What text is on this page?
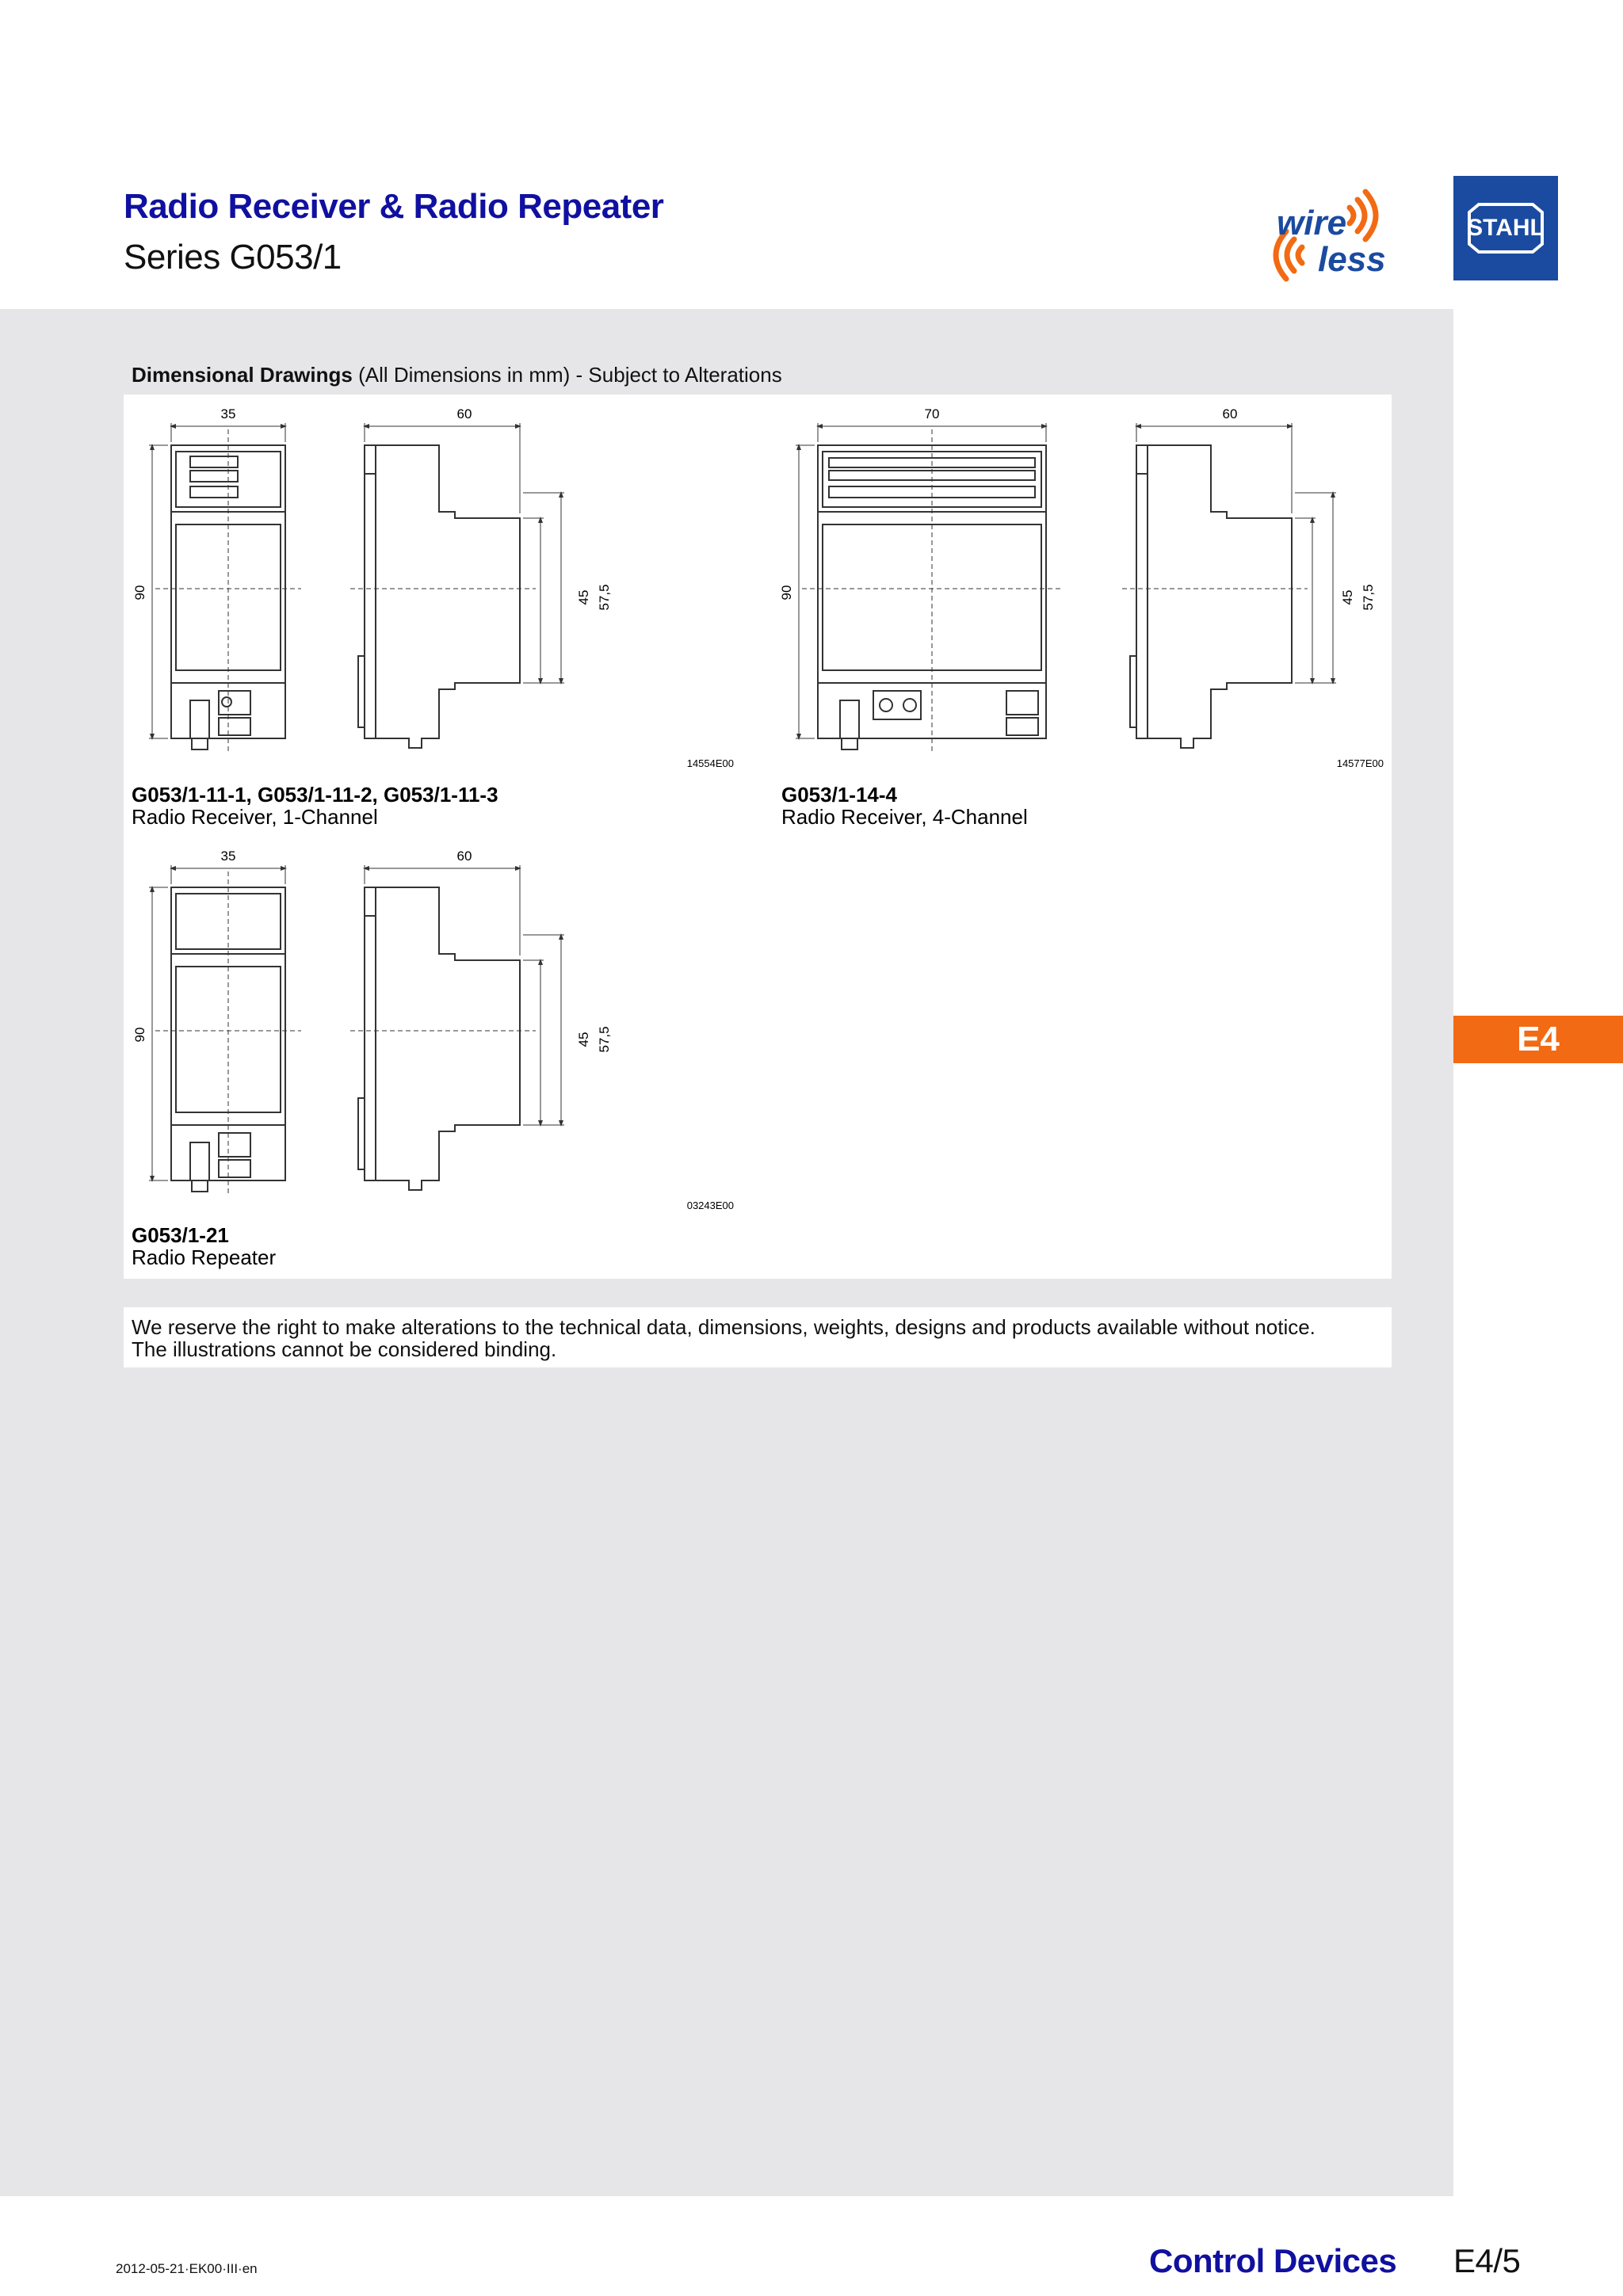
Radio Receiver & Radio Repeater
Series G053/1
wire
less
STAHL
Dimensional Drawings (All Dimensions in mm) - Subject to Alterations
35	60
90	45 57,5
14554E00
70	60
90	45 57,5
14577E00
G053/1-11-1, G053/1-11-2, G053/1-11-3
Radio Receiver, 1-Channel
G053/1-14-4
Radio Receiver, 4-Channel
35	60
90	45 57,5
03243E00
G053/1-21
Radio Repeater
We reserve the right to make alterations to the technical data, dimensions, weights, designs and products available without notice.
The illustrations cannot be considered binding.
E4
2012-05-21·EK00·III·en	Control Devices E4/5
